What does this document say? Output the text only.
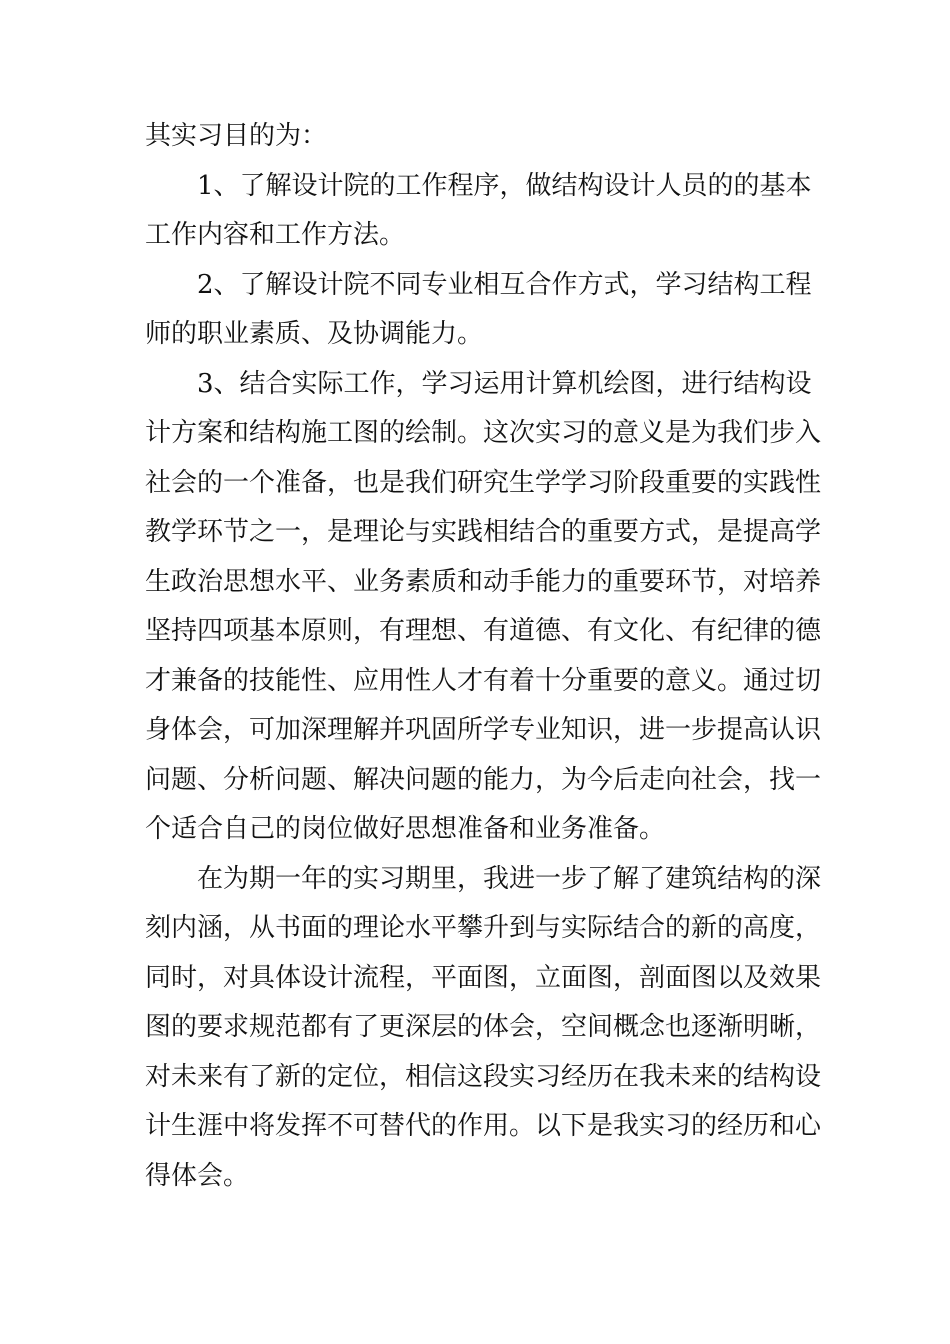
其实习目的为：
1、了解设计院的工作程序，做结构设计人员的的基本
工作内容和工作方法。
2、了解设计院不同专业相互合作方式，学习结构工程
师的职业素质、及协调能力。
3、结合实际工作，学习运用计算机绘图，进行结构设
计方案和结构施工图的绘制。这次实习的意义是为我们步入
社会的一个准备，也是我们研究生学学习阶段重要的实践性
教学环节之一，是理论与实践相结合的重要方式，是提高学
生政治思想水平、业务素质和动手能力的重要环节，对培养
坚持四项基本原则，有理想、有道德、有文化、有纪律的德
才兼备的技能性、应用性人才有着十分重要的意义。通过切
身体会，可加深理解并巩固所学专业知识，进一步提高认识
问题、分析问题、解决问题的能力，为今后走向社会，找一
个适合自己的岗位做好思想准备和业务准备。
在为期一年的实习期里，我进一步了解了建筑结构的深
刻内涵，从书面的理论水平攀升到与实际结合的新的高度，
同时，对具体设计流程，平面图，立面图，剖面图以及效果
图的要求规范都有了更深层的体会，空间概念也逐渐明晰，
对未来有了新的定位，相信这段实习经历在我未来的结构设
计生涯中将发挥不可替代的作用。以下是我实习的经历和心
得体会。
